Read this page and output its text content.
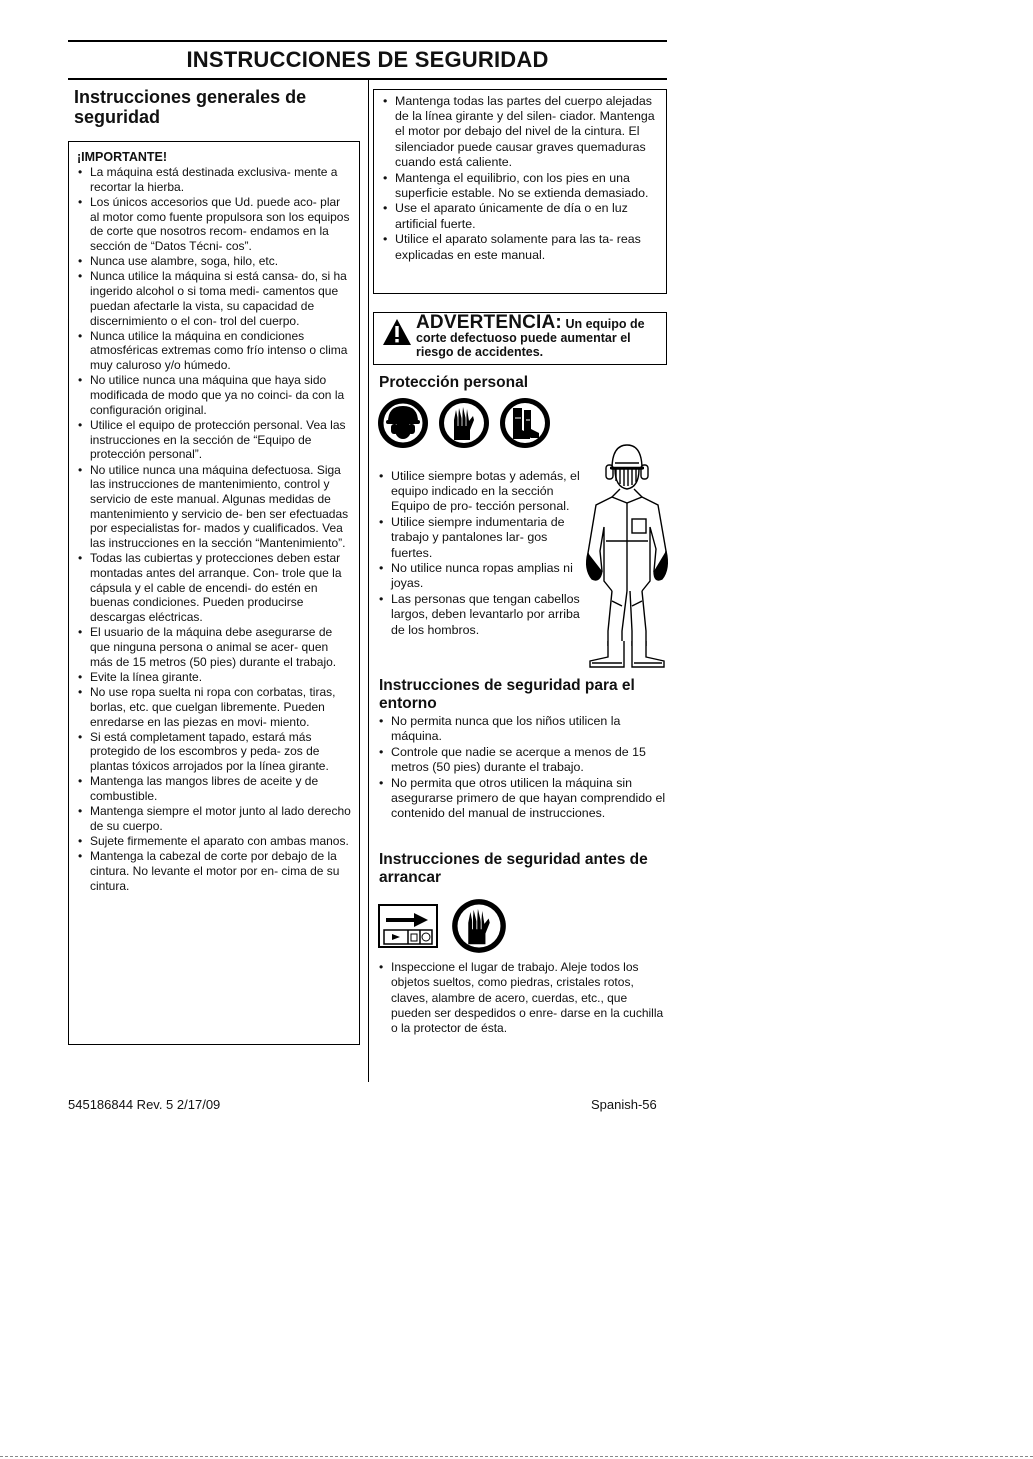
INSTRUCCIONES DE SEGURIDAD
Instrucciones generales de seguridad
¡IMPORTANTE!
• La máquina está destinada exclusiva- mente a recortar la hierba.
• Los únicos accesorios que Ud. puede aco- plar al motor como fuente propulsora son los equipos de corte que nosotros recom- endamos en la sección de “Datos Técni- cos”.
• Nunca use alambre, soga, hilo, etc.
• Nunca utilice la máquina si está cansa- do, si ha ingerido alcohol o si toma medi- camentos que puedan afectarle la vista, su capacidad de discernimiento o el con- trol del cuerpo.
• Nunca utilice la máquina en condiciones atmosféricas extremas como frío intenso o clima muy caluroso y/o húmedo.
• No utilice nunca una máquina que haya sido modificada de modo que ya no coinci- da con la configuración original.
• Utilice el equipo de protección personal. Vea las instrucciones en la sección de “Equipo de protección personal”.
• No utilice nunca una máquina defectuosa. Siga las instrucciones de mantenimiento, control y servicio de este manual. Algunas medidas de mantenimiento y servicio de- ben ser efectuadas por especialistas for- mados y cualificados. Vea las instrucciones en la sección “Mantenimiento”.
• Todas las cubiertas y protecciones deben estar montadas antes del arranque. Con- trole que la cápsula y el cable de encendi- do estén en buenas condiciones. Pueden producirse descargas eléctricas.
• El usuario de la máquina debe asegurarse de que ninguna persona o animal se acer- quen más de 15 metros (50 pies) durante el trabajo.
• Evite la línea girante.
• No use ropa suelta ni ropa con corbatas, tiras, borlas, etc. que cuelgan libremente. Pueden enredarse en las piezas en movi- miento.
• Si está completament tapado, estará más protegido de los escombros y peda- zos de plantas tóxicos arrojados por la línea girante.
• Mantenga las mangos libres de aceite y de combustible.
• Mantenga siempre el motor junto al lado derecho de su cuerpo.
• Sujete firmemente el aparato con ambas manos.
• Mantenga la cabezal de corte por debajo de la cintura. No levante el motor por en- cima de su cintura.
• Mantenga todas las partes del cuerpo alejadas de la línea girante y del silen- ciador. Mantenga el motor por debajo del nivel de la cintura. El silenciador puede causar graves quemaduras cuando está caliente.
• Mantenga el equilibrio, con los pies en una superficie estable. No se extienda demasiado.
• Use el aparato únicamente de día o en luz artificial fuerte.
• Utilice el aparato solamente para las ta- reas explicadas en este manual.
ADVERTENCIA: Un equipo de
corte defectuoso puede aumentar el riesgo de accidentes.
Protección personal
• Utilice siempre botas y además, el equipo indicado en la sección Equipo de pro- tección personal.
• Utilice siempre indumentaria de trabajo y pantalones lar- gos fuertes.
• No utilice nunca ropas amplias ni joyas.
• Las personas que tengan cabellos largos, deben levantarlo por arriba de los hombros.
Instrucciones de seguridad para el entorno
• No permita nunca que los niños utilicen la máquina.
• Controle que nadie se acerque a menos de 15 metros (50 pies) durante el trabajo.
• No permita que otros utilicen la máquina sin asegurarse primero de que hayan comprendido el contenido del manual de instrucciones.
Instrucciones de seguridad antes de arrancar
• Inspeccione el lugar de trabajo. Aleje todos los objetos sueltos, como piedras, cristales rotos, claves, alambre de acero, cuerdas, etc., que pueden ser despedidos o enre- darse en la cuchilla o la protector de ésta.
545186844 Rev. 5 2/17/09	Spanish-56
